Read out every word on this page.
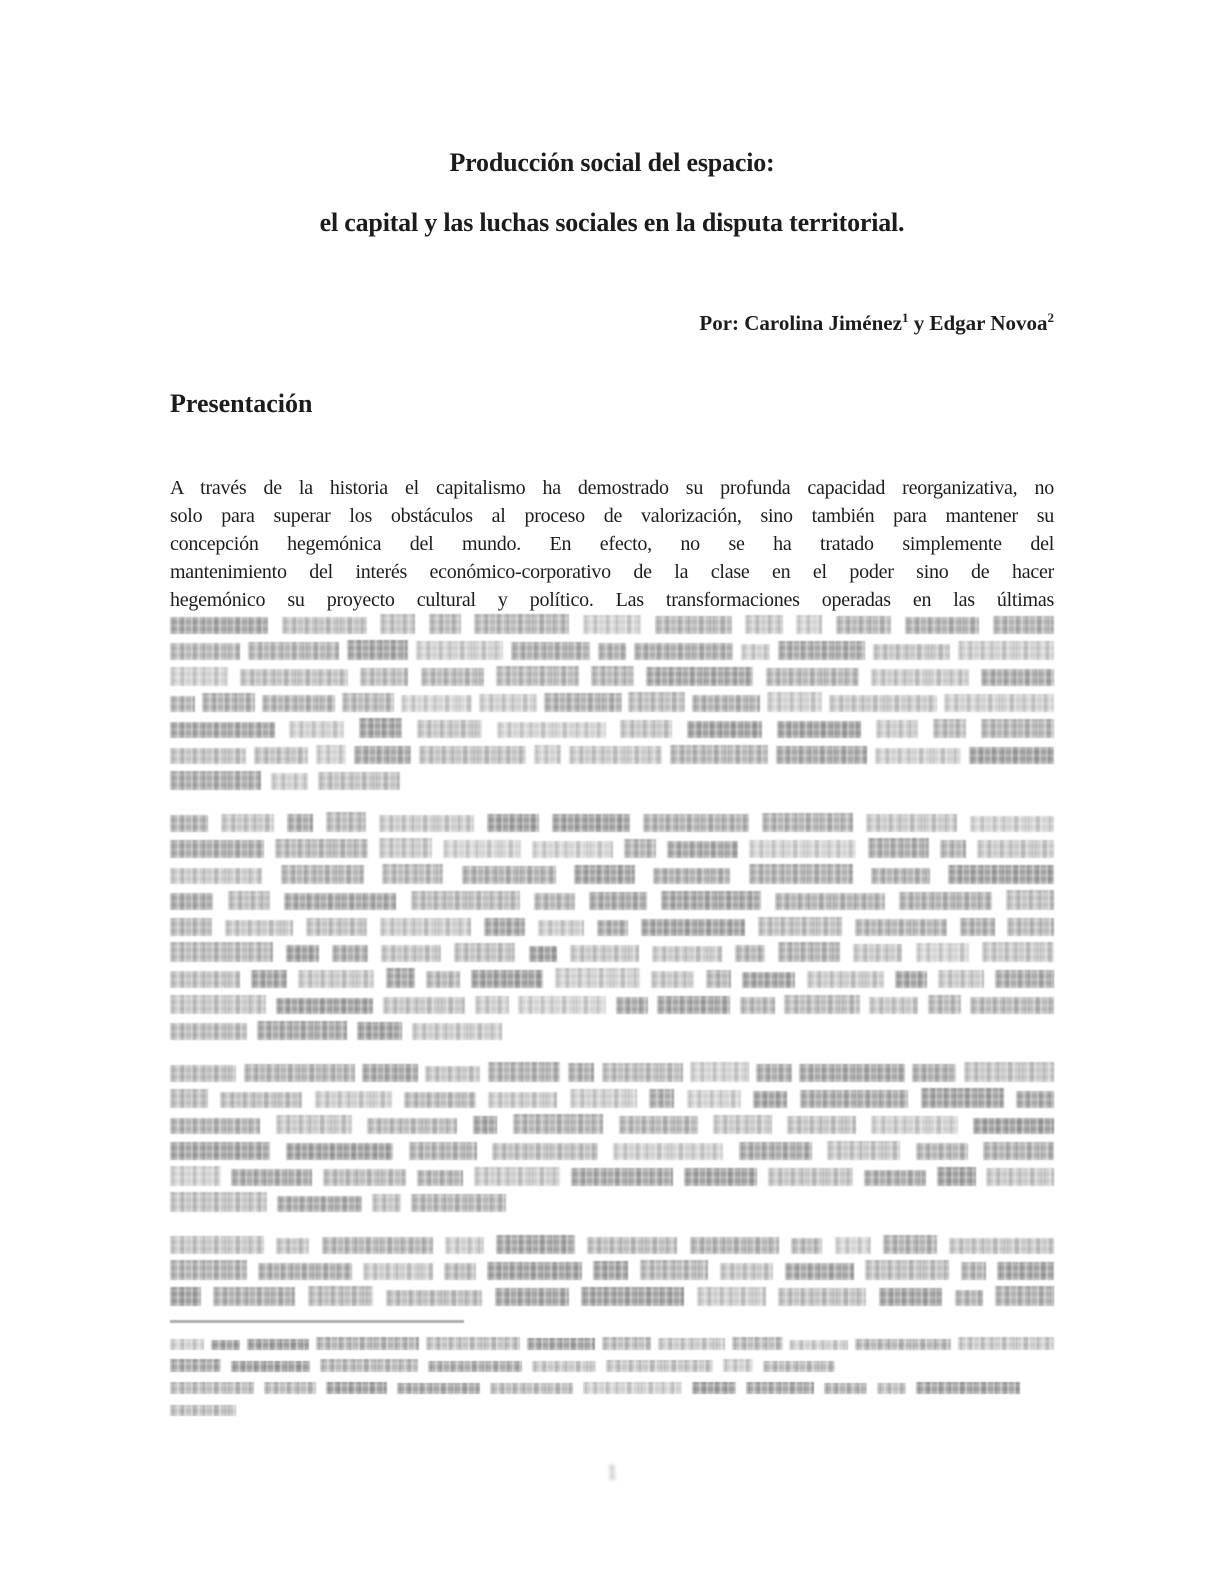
Producción social del espacio:
el capital y las luchas sociales en la disputa territorial.
Por: Carolina Jiménez$^1$ y Edgar Novoa$^2$
Presentación
A través de la historia el capitalismo ha demostrado su profunda capacidad reorganizativa, no
solo para superar los obstáculos al proceso de valorización, sino también para mantener su
concepción hegemónica del mundo. En efecto, no se ha tratado simplemente del
mantenimiento del interés económico-corporativo de la clase en el poder sino de hacer
hegemónico su proyecto cultural y político. Las transformaciones operadas en las últimas
1
